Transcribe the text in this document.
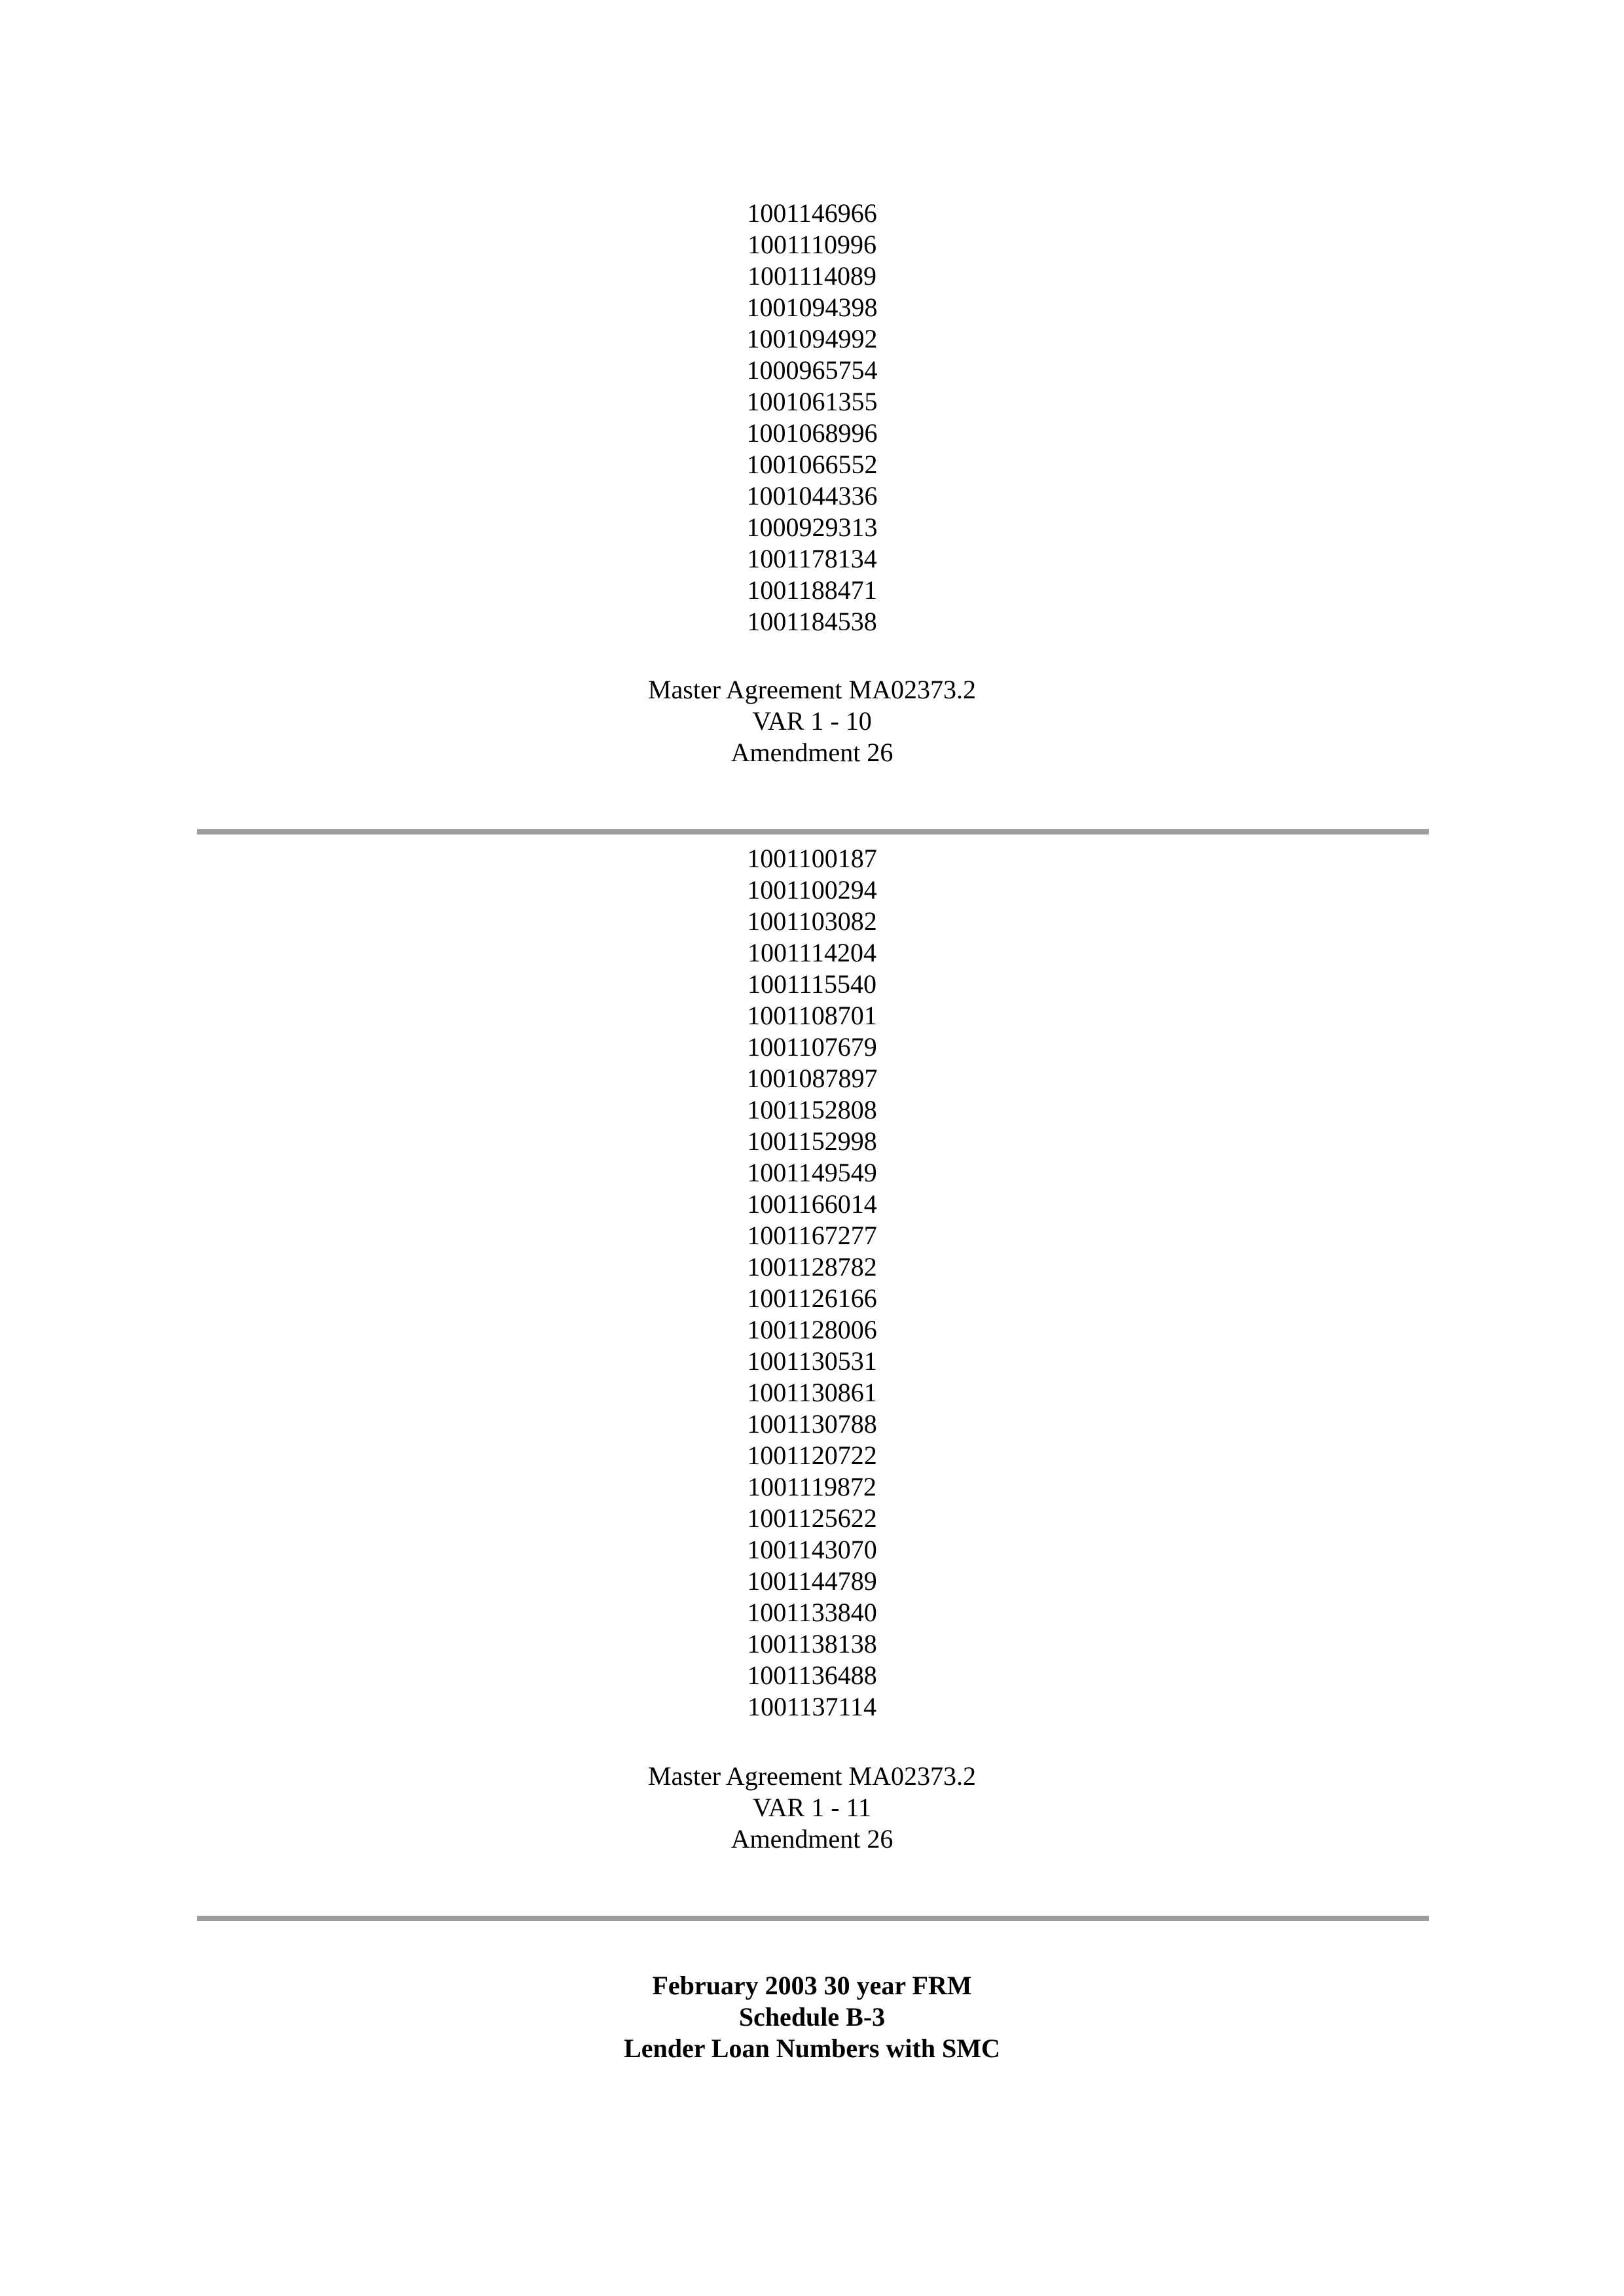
1001146966
1001110996
1001114089
1001094398
1001094992
1000965754
1001061355
1001068996
1001066552
1001044336
1000929313
1001178134
1001188471
1001184538
Master Agreement MA02373.2
VAR 1 - 10
Amendment 26
1001100187
1001100294
1001103082
1001114204
1001115540
1001108701
1001107679
1001087897
1001152808
1001152998
1001149549
1001166014
1001167277
1001128782
1001126166
1001128006
1001130531
1001130861
1001130788
1001120722
1001119872
1001125622
1001143070
1001144789
1001133840
1001138138
1001136488
1001137114
Master Agreement MA02373.2
VAR 1 - 11
Amendment 26
February 2003 30 year FRM
Schedule B-3
Lender Loan Numbers with SMC
